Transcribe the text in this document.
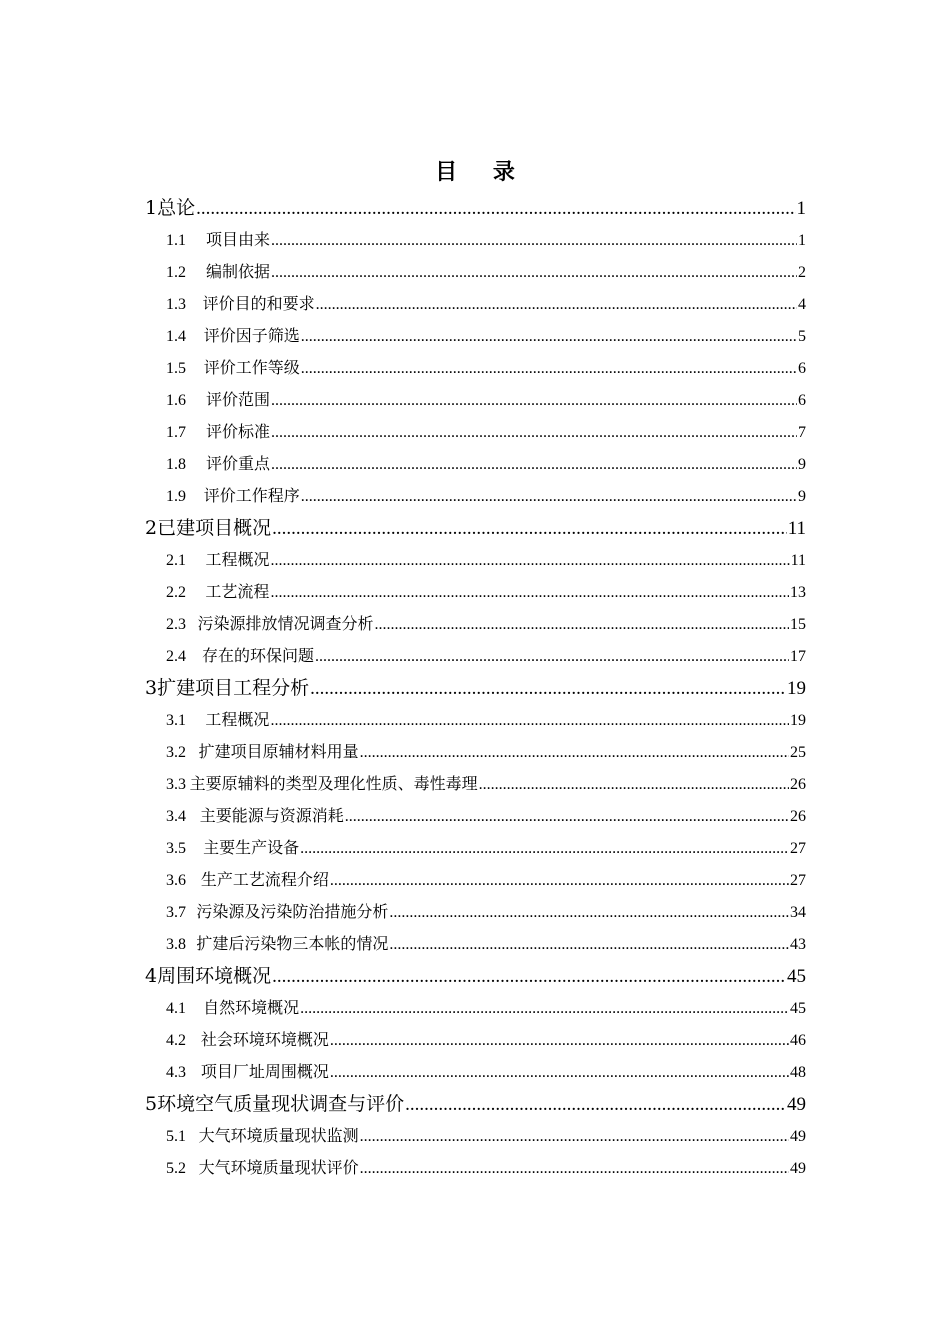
目 录
1总论 .....	1
1.1	项目由来 .....	1
1.2	编制依据 .....	2
1.3	评价目的和要求 .....	4
1.4	评价因子筛选 .....	5
1.5	评价工作等级 .....	6
1.6	评价范围 .....	6
1.7	评价标准 .....	7
1.8	评价重点 .....	9
1.9	评价工作程序 .....	9
2已建项目概况 .....	11
2.1	工程概况 .....	11
2.2	工艺流程 .....	13
2.3 污染源排放情况调查分析 .....	15
2.4	存在的环保问题 .....	17
3扩建项目工程分析 .....	19
3.1	工程概况 .....	19
3.2 扩建项目原辅材料用量 .....	25
3.3 主要原辅料的类型及理化性质、毒性毒理 .....	26
3.4 主要能源与资源消耗 .....	26
3.5	主要生产设备 .....	27
3.6 生产工艺流程介绍 .....	27
3.7 污染源及污染防治措施分析 .....	34
3.8 扩建后污染物三本帐的情况 .....	43
4周围环境概况 .....	45
4.1	自然环境概况 .....	45
4.2 社会环境环境概况 .....	46
4.3 项目厂址周围概况 .....	48
5环境空气质量现状调查与评价 .....	49
5.1 大气环境质量现状监测 .....	49
5.2 大气环境质量现状评价 .....	49
